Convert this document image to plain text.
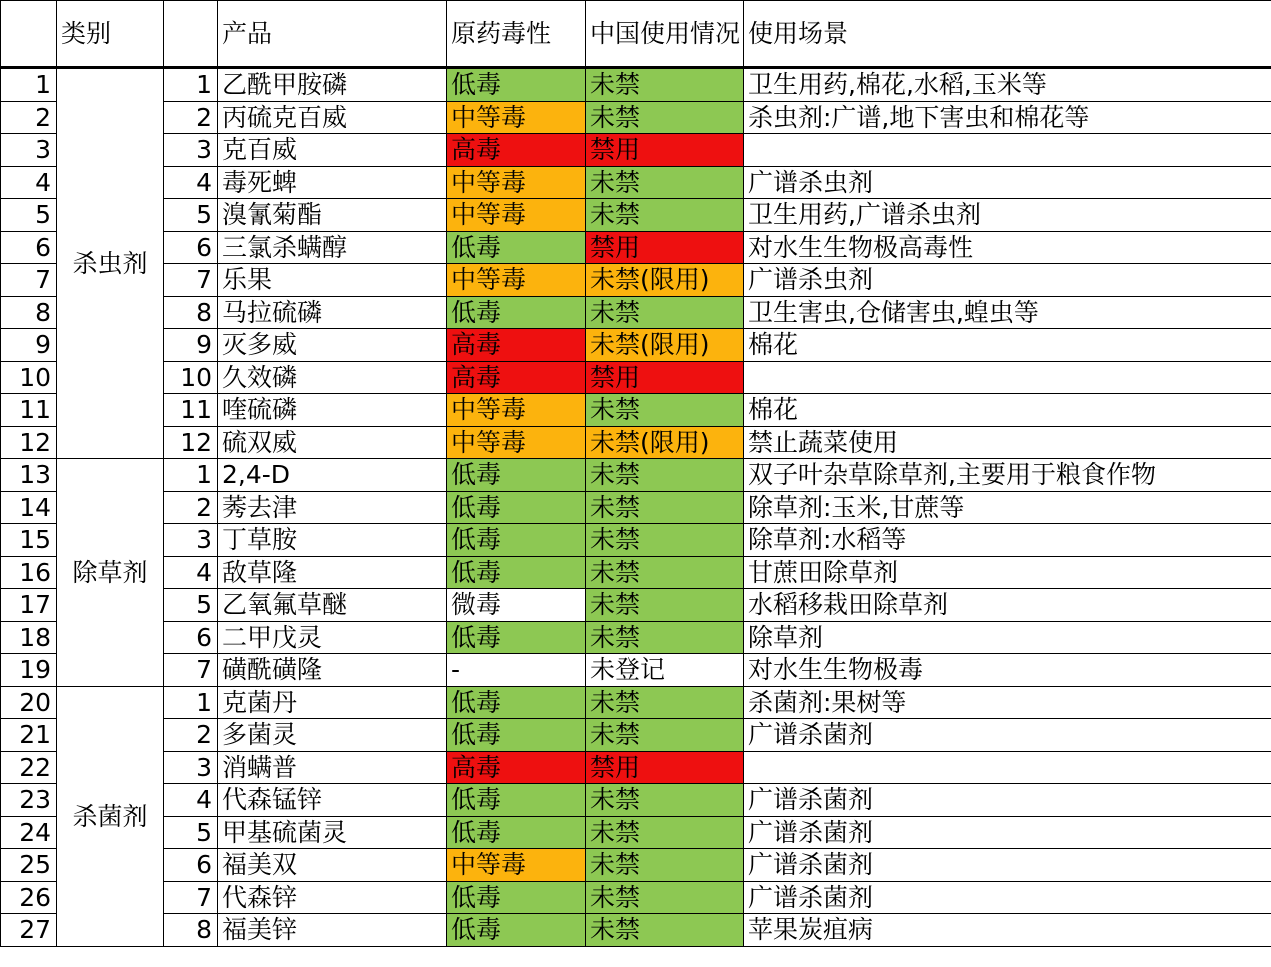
	类别		产品	原药毒性	中国使用情况	使用场景
1	杀虫剂	1	乙酰甲胺磷	低毒	未禁	卫生用药,棉花,水稻,玉米等
2		2	丙硫克百威	中等毒	未禁	杀虫剂:广谱,地下害虫和棉花等
3		3	克百威	高毒	禁用	
4		4	毒死蜱	中等毒	未禁	广谱杀虫剂
5		5	溴氰菊酯	中等毒	未禁	卫生用药,广谱杀虫剂
6		6	三氯杀螨醇	低毒	禁用	对水生生物极高毒性
7		7	乐果	中等毒	未禁(限用)	广谱杀虫剂
8		8	马拉硫磷	低毒	未禁	卫生害虫,仓储害虫,蝗虫等
9		9	灭多威	高毒	未禁(限用)	棉花
10		10	久效磷	高毒	禁用	
11		11	喹硫磷	中等毒	未禁	棉花
12		12	硫双威	中等毒	未禁(限用)	禁止蔬菜使用
13	除草剂	1	2,4-D	低毒	未禁	双子叶杂草除草剂,主要用于粮食作物
14		2	莠去津	低毒	未禁	除草剂:玉米,甘蔗等
15		3	丁草胺	低毒	未禁	除草剂:水稻等
16		4	敌草隆	低毒	未禁	甘蔗田除草剂
17		5	乙氧氟草醚	微毒	未禁	水稻移栽田除草剂
18		6	二甲戊灵	低毒	未禁	除草剂
19		7	磺酰磺隆	-	未登记	对水生生物极毒
20	杀菌剂	1	克菌丹	低毒	未禁	杀菌剂:果树等
21		2	多菌灵	低毒	未禁	广谱杀菌剂
22		3	消螨普	高毒	禁用	
23		4	代森锰锌	低毒	未禁	广谱杀菌剂
24		5	甲基硫菌灵	低毒	未禁	广谱杀菌剂
25		6	福美双	中等毒	未禁	广谱杀菌剂
26		7	代森锌	低毒	未禁	广谱杀菌剂
27		8	福美锌	低毒	未禁	苹果炭疽病
